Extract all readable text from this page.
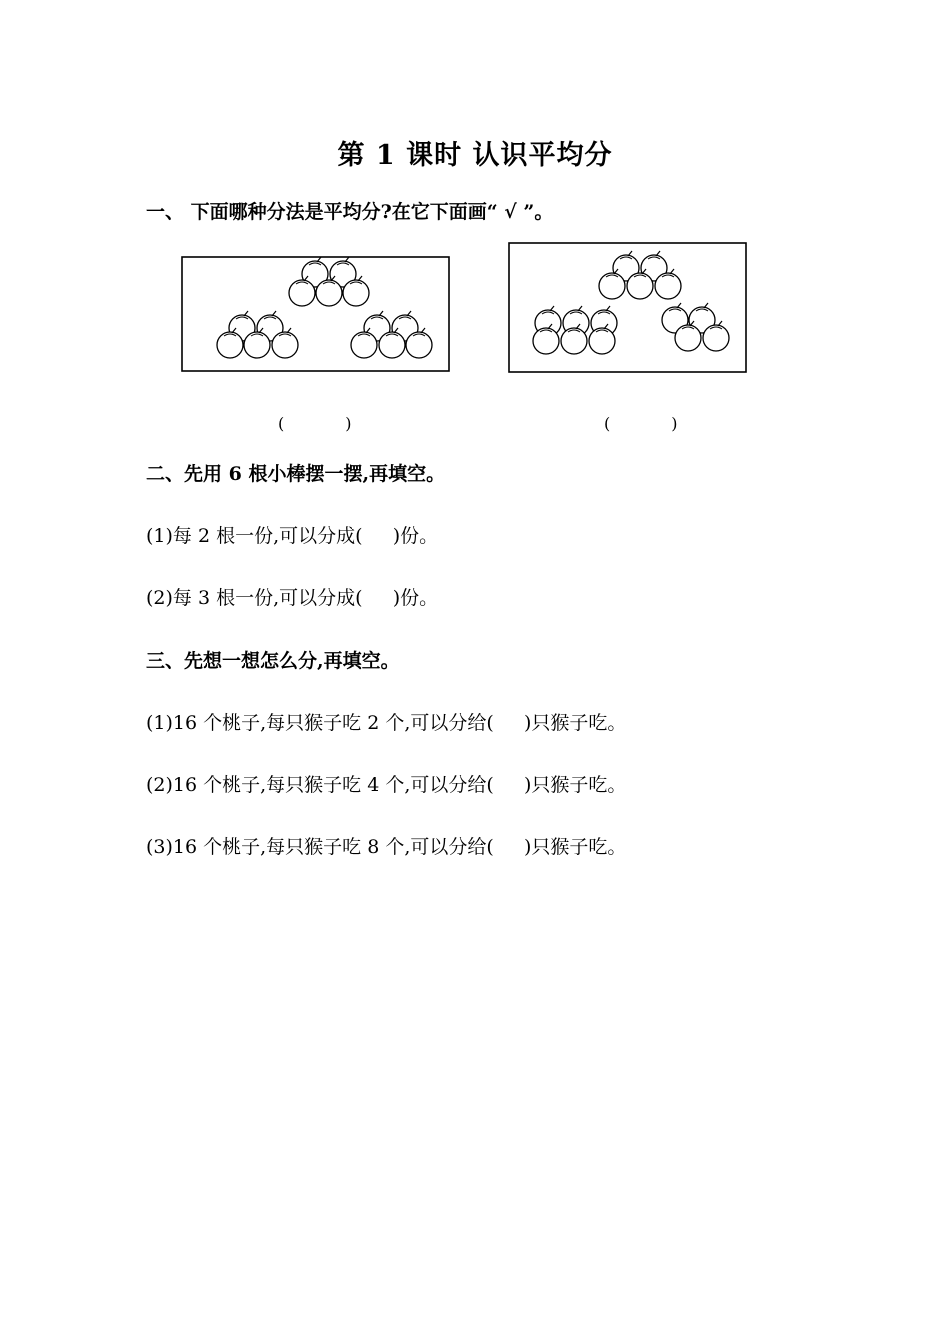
第 1 课时 认识平均分
一、 下面哪种分法是平均分?在它下面画“ √ ”。
(            )	(            )
二、先用 6 根小棒摆一摆,再填空。
(1)每 2 根一份,可以分成(     )份。
(2)每 3 根一份,可以分成(     )份。
三、先想一想怎么分,再填空。
(1)16 个桃子,每只猴子吃 2 个,可以分给(     )只猴子吃。
(2)16 个桃子,每只猴子吃 4 个,可以分给(     )只猴子吃。
(3)16 个桃子,每只猴子吃 8 个,可以分给(     )只猴子吃。
